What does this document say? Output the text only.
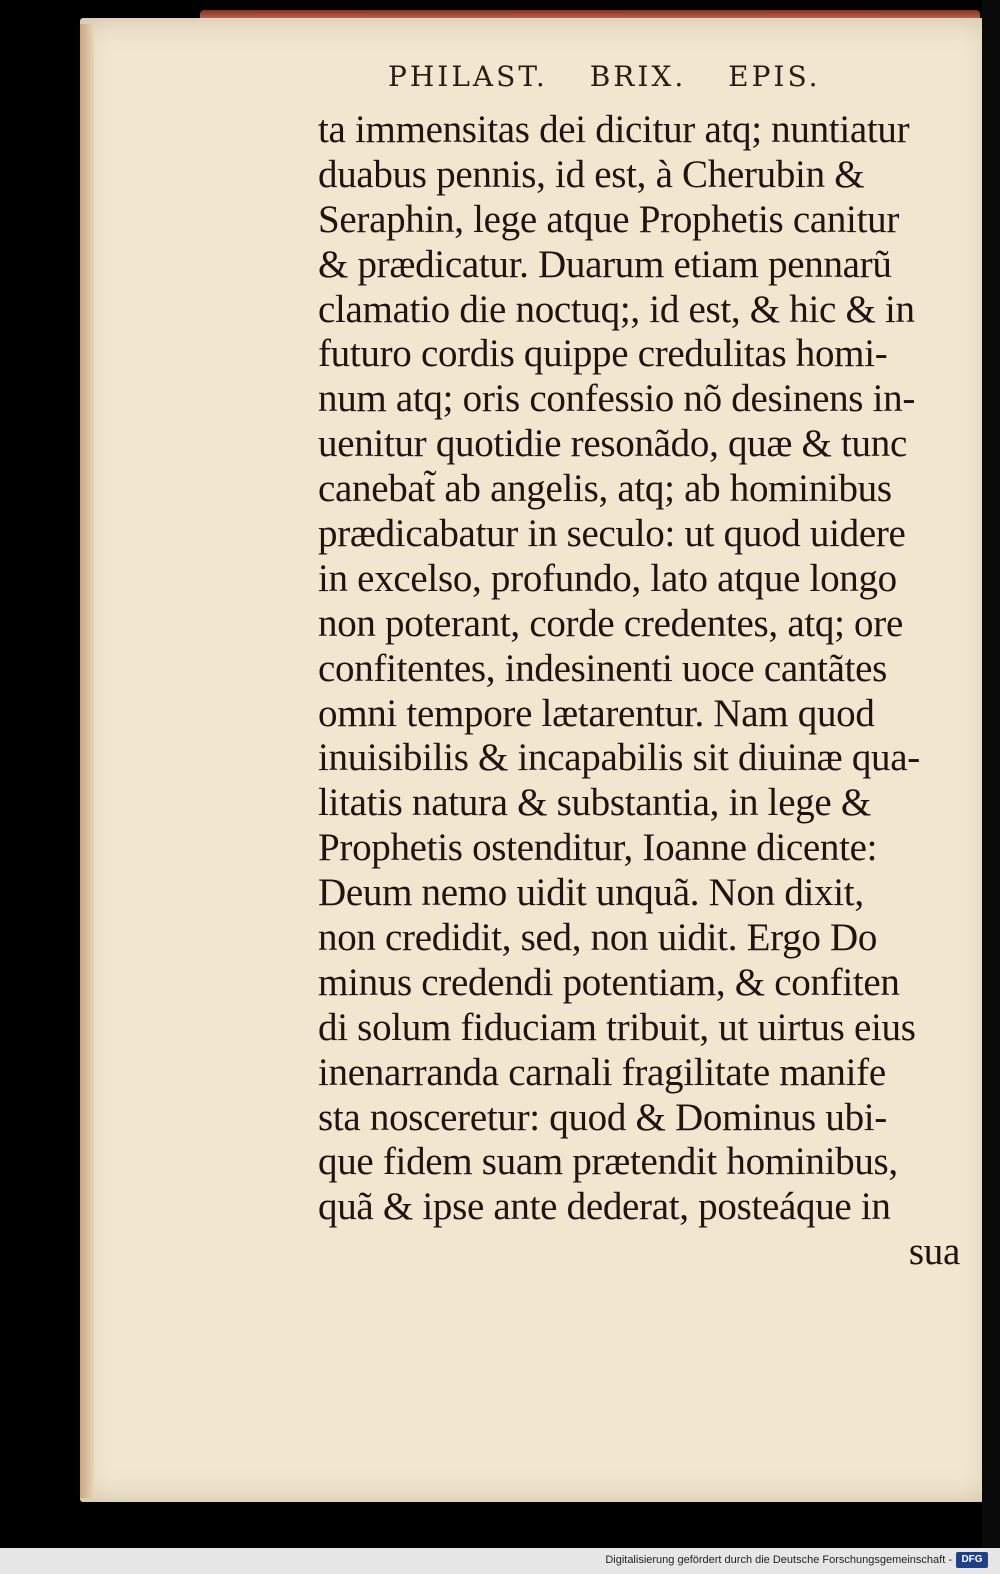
PHILAST. BRIX. EPIS.
ta immensitas dei dicitur atq; nuntiatur
duabus pennis, id est, à Cherubin &
Seraphin, lege atque Prophetis canitur
& prædicatur. Duarum etiam pennarũ
clamatio die noctuq;, id est, & hic & in
futuro cordis quippe credulitas homi-
num atq; oris confessio nõ desinens in-
uenitur quotidie resonãdo, quæ & tunc
canebat̃ ab angelis, atq; ab hominibus
prædicabatur in seculo: ut quod uidere
in excelso, profundo, lato atque longo
non poterant, corde credentes, atq; ore
confitentes, indesinenti uoce cantãtes
omni tempore lætarentur. Nam quod
inuisibilis & incapabilis sit diuinæ qua-
litatis natura & substantia, in lege &
Prophetis ostenditur, Ioanne dicente:
Deum nemo uidit unquã. Non dixit,
non credidit, sed, non uidit. Ergo Do
minus credendi potentiam, & confiten
di solum fiduciam tribuit, ut uirtus eius
inenarranda carnali fragilitate manife
sta nosceretur: quod & Dominus ubi-
que fidem suam prætendit hominibus,
quã & ipse ante dederat, posteáque in
sua
Digitalisierung gefördert durch die Deutsche Forschungsgemeinschaft - DFG
